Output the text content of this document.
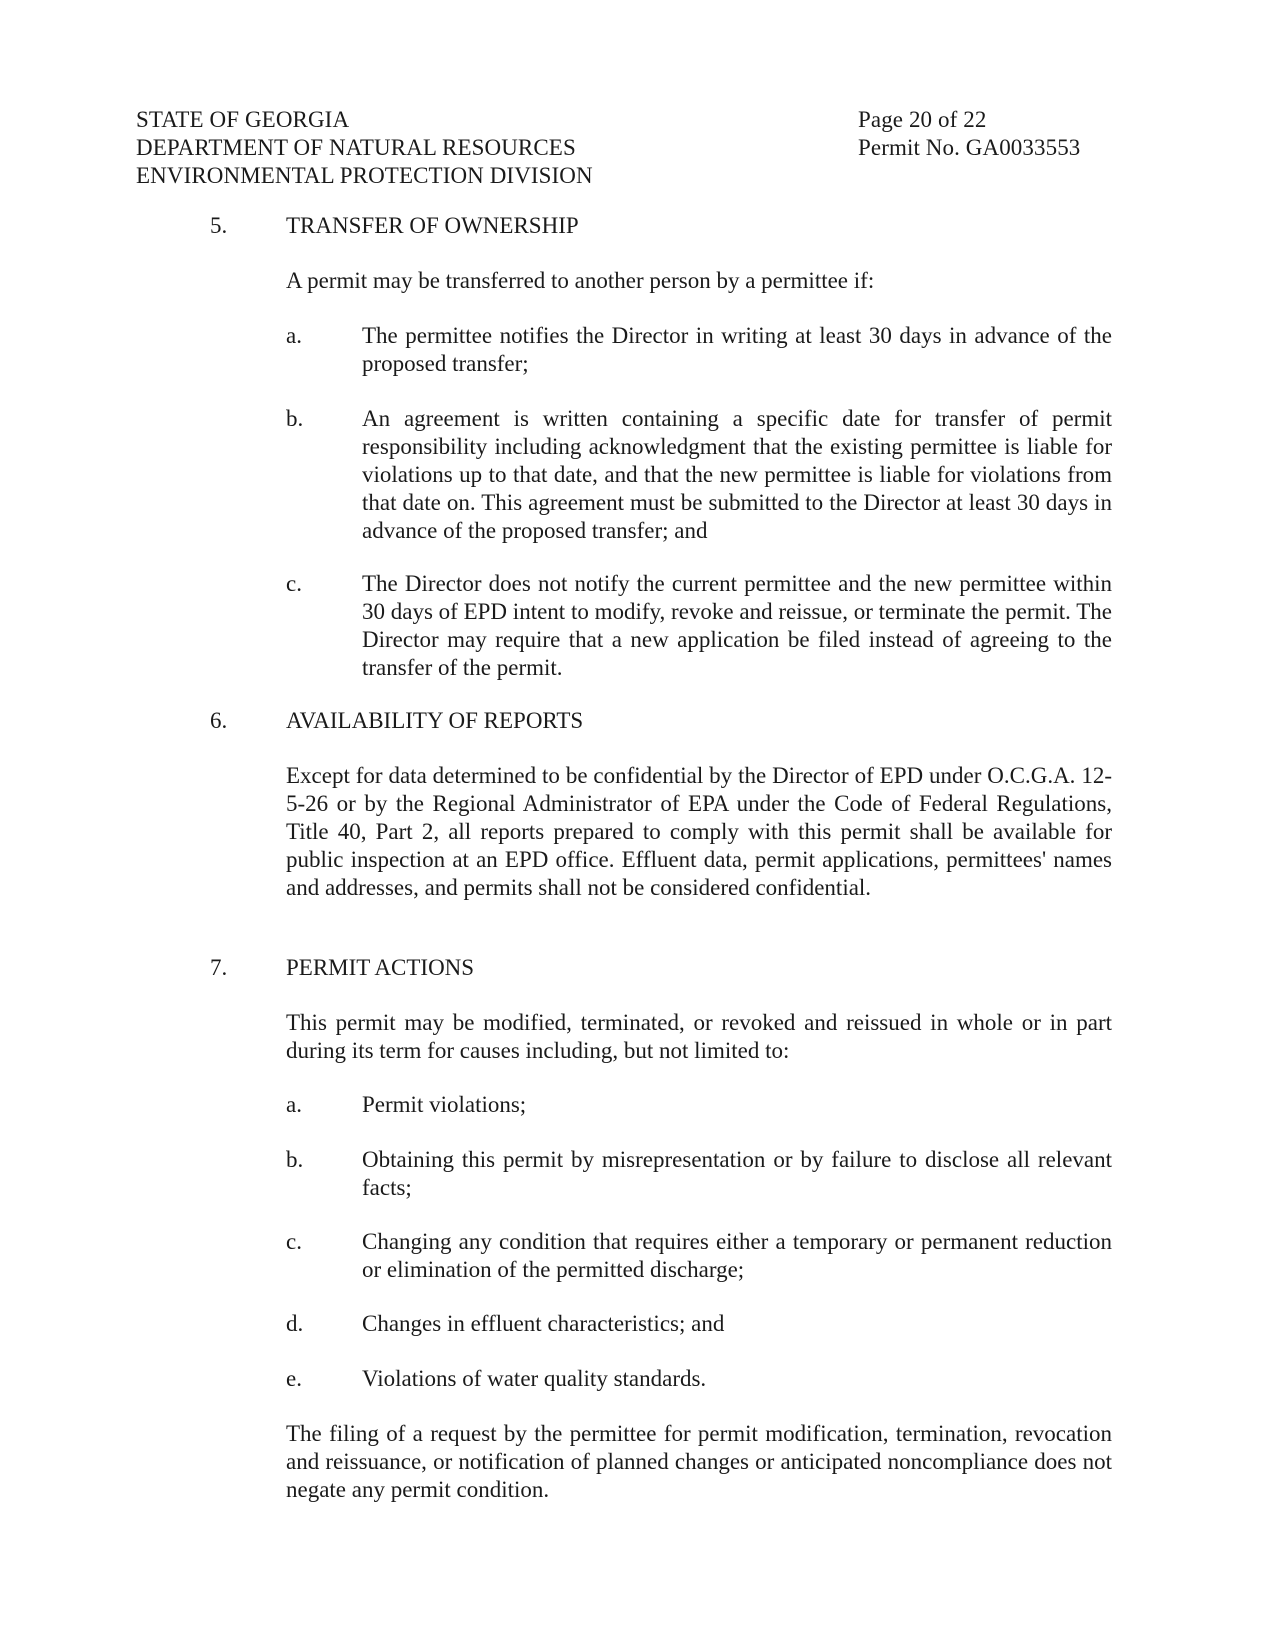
STATE OF GEORGIA
DEPARTMENT OF NATURAL RESOURCES
ENVIRONMENTAL PROTECTION DIVISION
Page 20 of 22
Permit No. GA0033553
5.	TRANSFER OF OWNERSHIP
A permit may be transferred to another person by a permittee if:
a.	The permittee notifies the Director in writing at least 30 days in advance of the proposed transfer;
b.	An agreement is written containing a specific date for transfer of permit responsibility including acknowledgment that the existing permittee is liable for violations up to that date, and that the new permittee is liable for violations from that date on. This agreement must be submitted to the Director at least 30 days in advance of the proposed transfer; and
c.	The Director does not notify the current permittee and the new permittee within 30 days of EPD intent to modify, revoke and reissue, or terminate the permit. The Director may require that a new application be filed instead of agreeing to the transfer of the permit.
6.	AVAILABILITY OF REPORTS
Except for data determined to be confidential by the Director of EPD under O.C.G.A. 12-5-26 or by the Regional Administrator of EPA under the Code of Federal Regulations, Title 40, Part 2, all reports prepared to comply with this permit shall be available for public inspection at an EPD office. Effluent data, permit applications, permittees' names and addresses, and permits shall not be considered confidential.
7.	PERMIT ACTIONS
This permit may be modified, terminated, or revoked and reissued in whole or in part during its term for causes including, but not limited to:
a.	Permit violations;
b.	Obtaining this permit by misrepresentation or by failure to disclose all relevant facts;
c.	Changing any condition that requires either a temporary or permanent reduction or elimination of the permitted discharge;
d.	Changes in effluent characteristics; and
e.	Violations of water quality standards.
The filing of a request by the permittee for permit modification, termination, revocation and reissuance, or notification of planned changes or anticipated noncompliance does not negate any permit condition.
